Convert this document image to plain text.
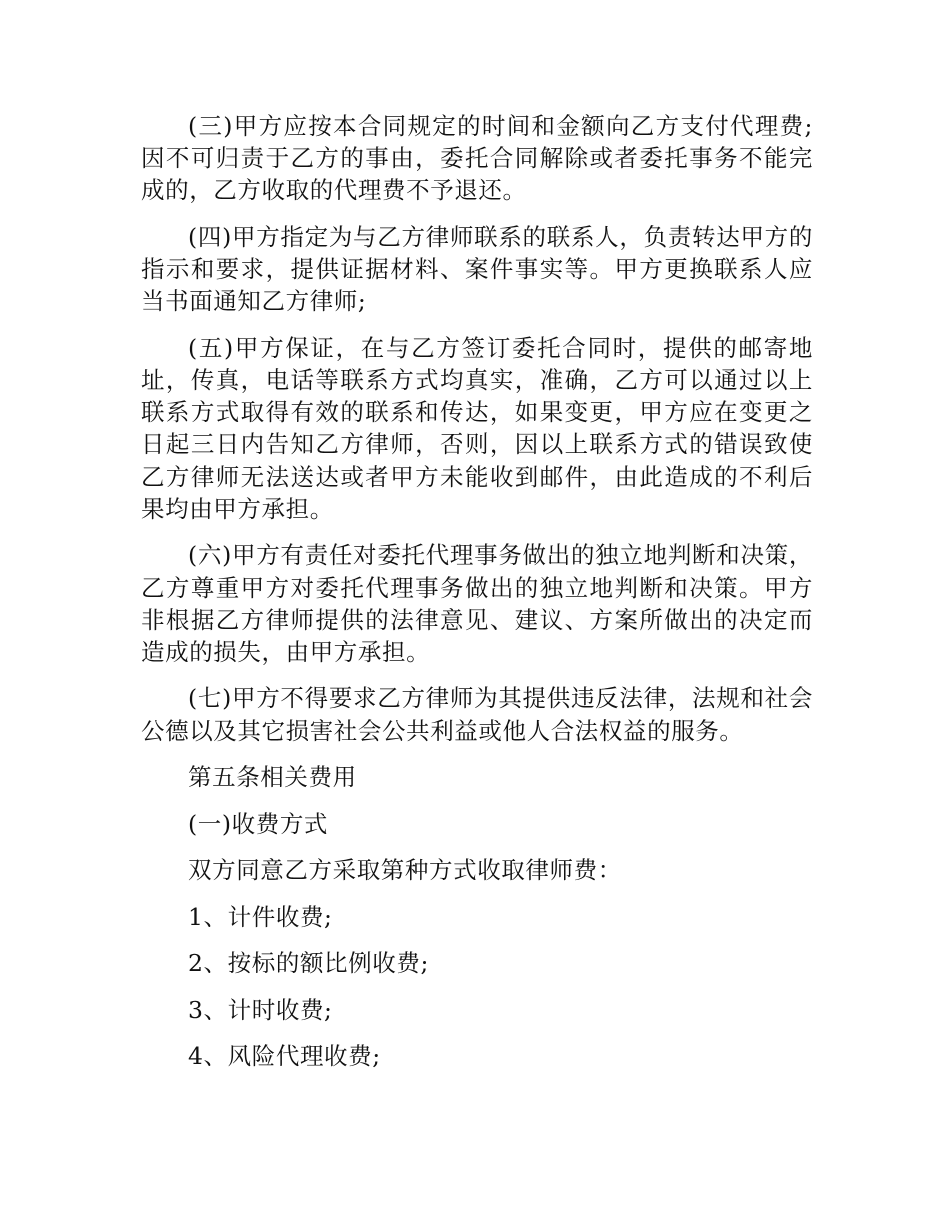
(三)甲方应按本合同规定的时间和金额向乙方支付代理费;因不可归责于乙方的事由，委托合同解除或者委托事务不能完成的，乙方收取的代理费不予退还。

(四)甲方指定为与乙方律师联系的联系人，负责转达甲方的指示和要求，提供证据材料、案件事实等。甲方更换联系人应当书面通知乙方律师;

(五)甲方保证，在与乙方签订委托合同时，提供的邮寄地址，传真，电话等联系方式均真实，准确，乙方可以通过以上联系方式取得有效的联系和传达，如果变更，甲方应在变更之日起三日内告知乙方律师，否则，因以上联系方式的错误致使乙方律师无法送达或者甲方未能收到邮件，由此造成的不利后果均由甲方承担。

(六)甲方有责任对委托代理事务做出的独立地判断和决策，乙方尊重甲方对委托代理事务做出的独立地判断和决策。甲方非根据乙方律师提供的法律意见、建议、方案所做出的决定而造成的损失，由甲方承担。

(七)甲方不得要求乙方律师为其提供违反法律，法规和社会公德以及其它损害社会公共利益或他人合法权益的服务。

第五条相关费用

(一)收费方式

双方同意乙方采取第种方式收取律师费：

1、计件收费;

2、按标的额比例收费;

3、计时收费;

4、风险代理收费;
